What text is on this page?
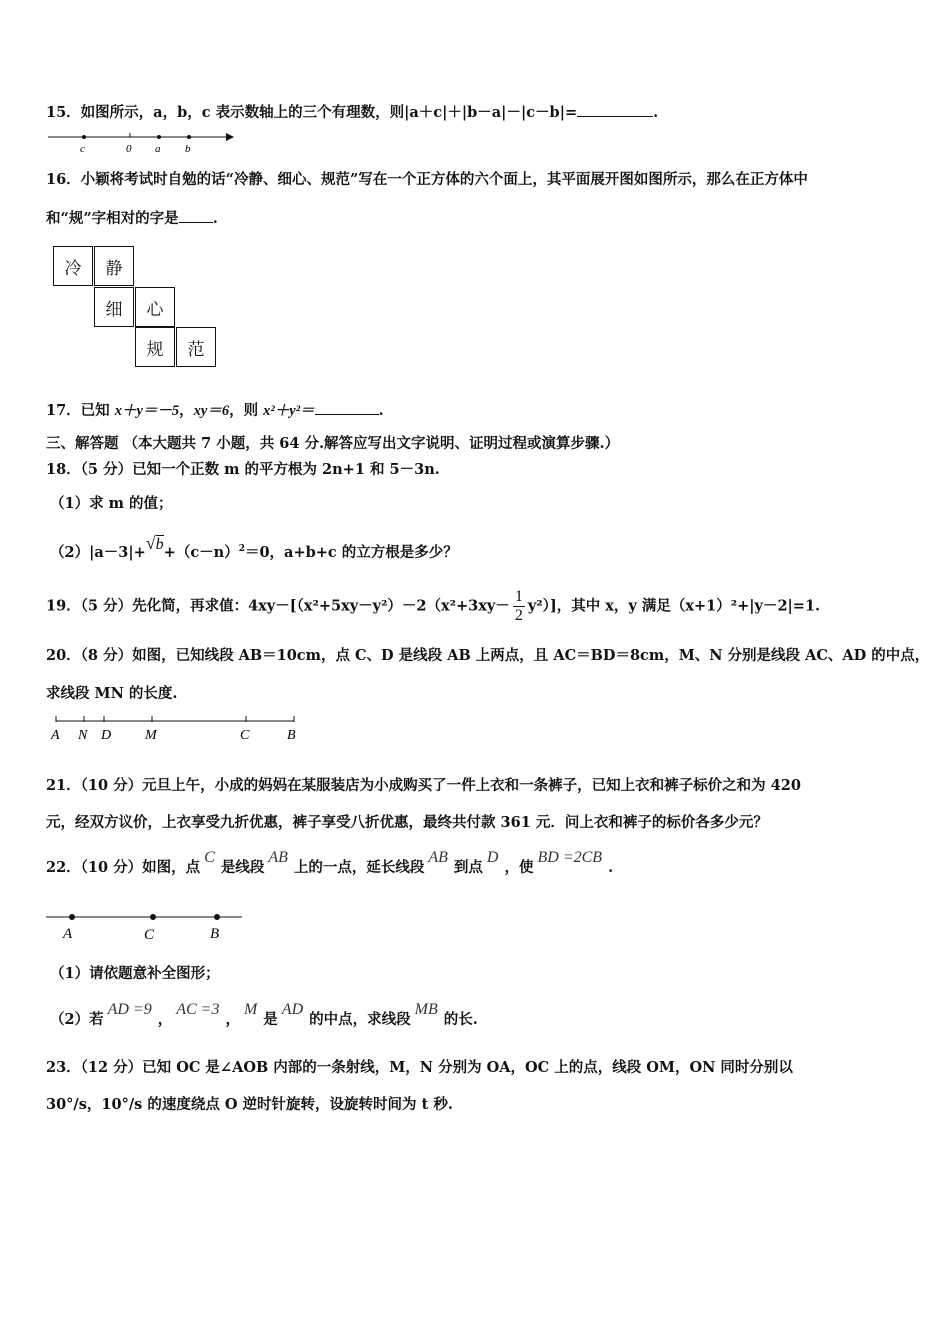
15．如图所示，a，b，c 表示数轴上的三个有理数，则|a＋c|＋|b－a|－|c－b|=	.
c	0 a b
16．小颖将考试时自勉的话“冷静、细心、规范”写在一个正方体的六个面上，其平面展开图如图所示，那么在正方体中
和“规”字相对的字是 .
冷	静
细	心
规	范
17．已知 x＋y＝－5，xy＝6，则 x²＋y²＝	.
三、解答题 （本大题共 7 小题，共 64 分.解答应写出文字说明、证明过程或演算步骤.）
18．（5 分）已知一个正数 m 的平方根为 2n+1 和 5－3n.
（1）求 m 的值；
$(2)|a-3|+√b+(c-n)^2=0$，a+b+c 的立方根是多少？
19．（5 分）先化简，再求值：$4xy-[(x^2+5xy-y^2)-2(x^2+3xy- \frac{1}{2} y^2)]$，其中 x，y 满足（x+1）²+|y－2|=1.
20．（8 分）如图，已知线段 AB＝10cm，点 C、D 是线段 AB 上两点，且 AC＝BD＝8cm，M、N 分别是线段 AC、AD 的中点，
求线段 MN 的长度.
A N D M	C	B
21．（10 分）元旦上午，小成的妈妈在某服装店为小成购买了一件上衣和一条裤子，已知上衣和裤子标价之和为 420
元，经双方议价，上衣享受九折优惠，裤子享受八折优惠，最终共付款 361 元．问上衣和裤子的标价各多少元？
22．（10 分）如图，点C是线段AB上的一点，延长线段AB到点D，使BD =2CB.
A	C	B
（1）请依题意补全图形；
（2）若AD =9，AC =3，M是AD的中点，求线段MB的长.
23．（12 分）已知 OC 是∠AOB 内部的一条射线，M，N 分别为 OA，OC 上的点，线段 OM，ON 同时分别以
30°/s，10°/s 的速度绕点 O 逆时针旋转，设旋转时间为 t 秒.
